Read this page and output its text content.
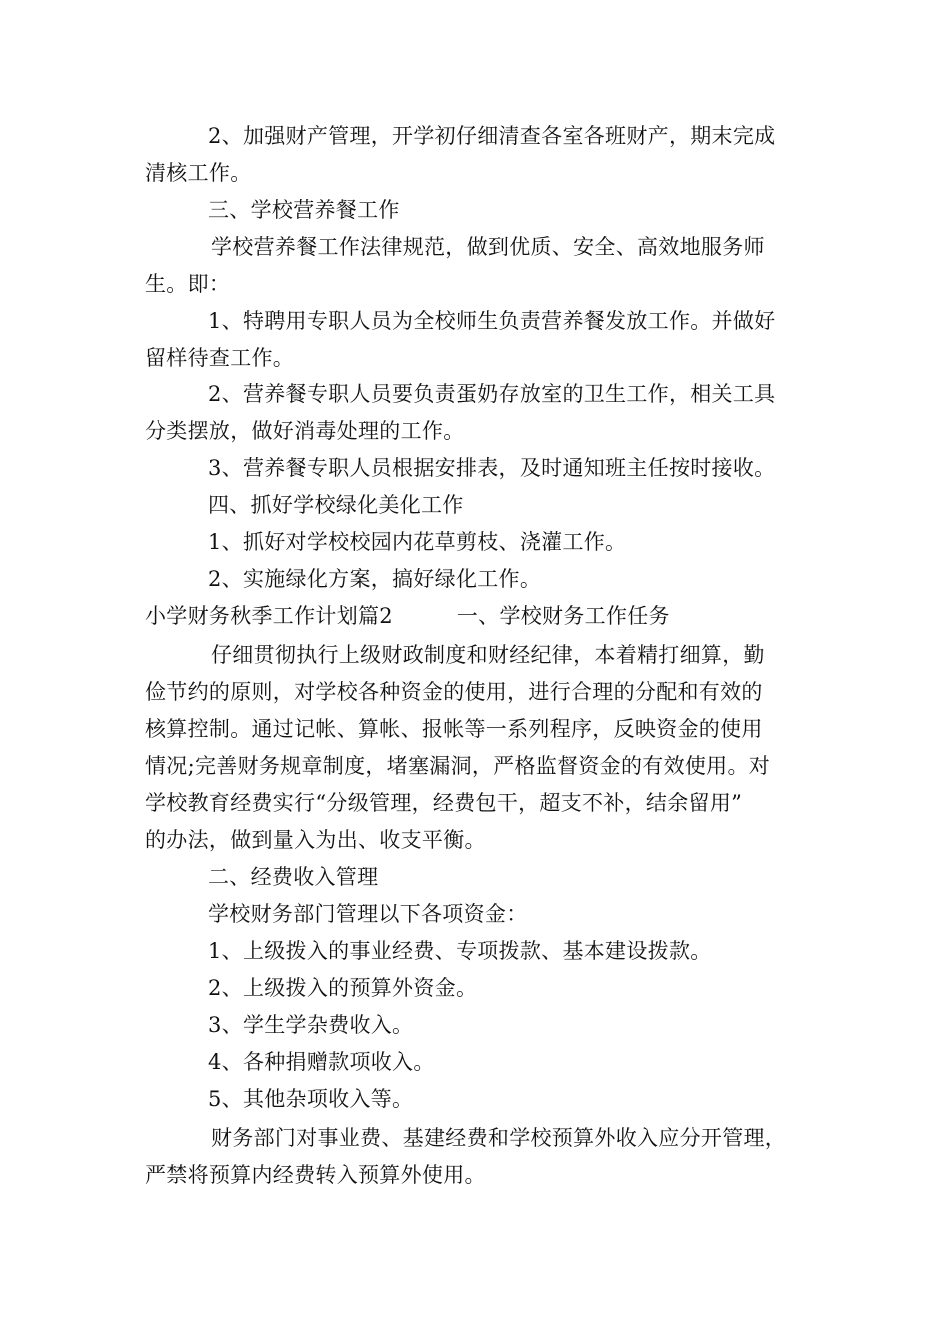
2、加强财产管理，开学初仔细清查各室各班财产，期末完成
清核工作。
三、学校营养餐工作
学校营养餐工作法律规范，做到优质、安全、高效地服务师
生。即：
1、特聘用专职人员为全校师生负责营养餐发放工作。并做好
留样待查工作。
2、营养餐专职人员要负责蛋奶存放室的卫生工作，相关工具
分类摆放，做好消毒处理的工作。
3、营养餐专职人员根据安排表，及时通知班主任按时接收。
四、抓好学校绿化美化工作
1、抓好对学校校园内花草剪枝、浇灌工作。
2、实施绿化方案，搞好绿化工作。
小学财务秋季工作计划篇2　　　一、学校财务工作任务
仔细贯彻执行上级财政制度和财经纪律，本着精打细算，勤
俭节约的原则，对学校各种资金的使用，进行合理的分配和有效的
核算控制。通过记帐、算帐、报帐等一系列程序，反映资金的使用
情况;完善财务规章制度，堵塞漏洞，严格监督资金的有效使用。对
学校教育经费实行“分级管理，经费包干，超支不补，结余留用”
的办法，做到量入为出、收支平衡。
二、经费收入管理
学校财务部门管理以下各项资金：
1、上级拨入的事业经费、专项拨款、基本建设拨款。
2、上级拨入的预算外资金。
3、学生学杂费收入。
4、各种捐赠款项收入。
5、其他杂项收入等。
财务部门对事业费、基建经费和学校预算外收入应分开管理，
严禁将预算内经费转入预算外使用。
